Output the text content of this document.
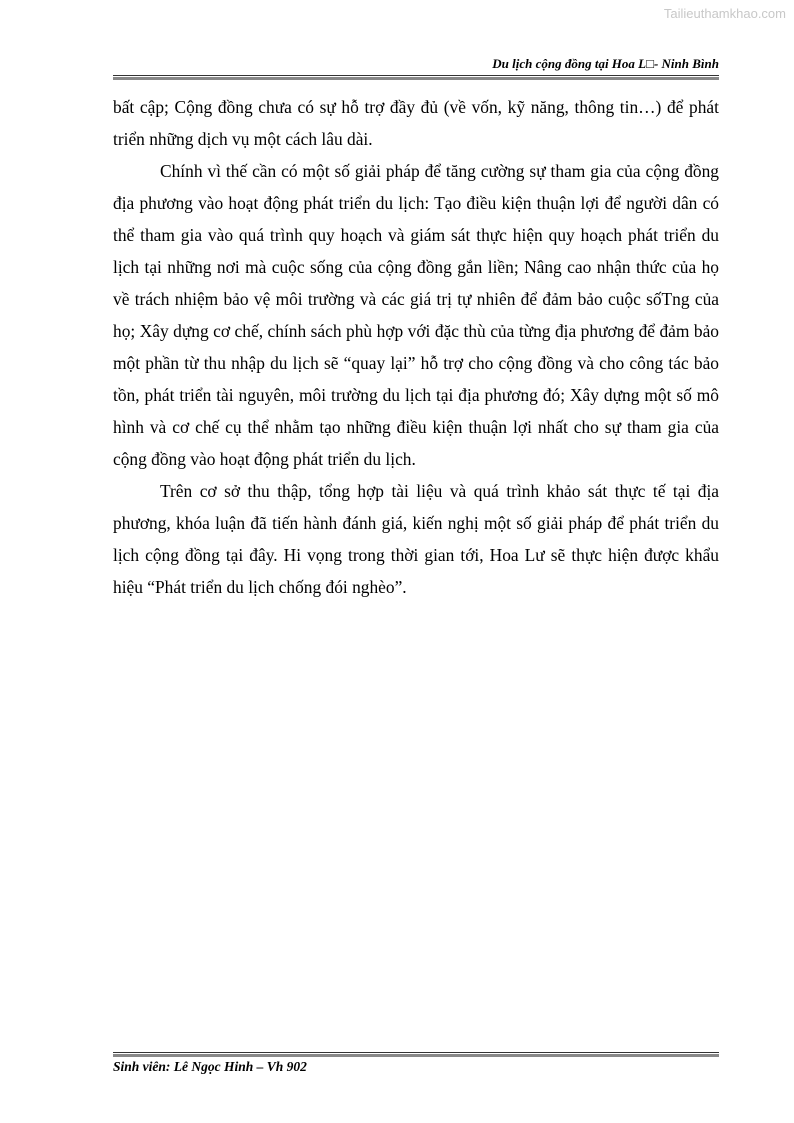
Tailieuthamkhao.com
Du lịch cộng đồng tại Hoa L□- Ninh Bình

bất cập; Cộng đồng chưa có sự hỗ trợ đầy đủ (về vốn, kỹ năng, thông tin…) để phát triển những dịch vụ một cách lâu dài.

Chính vì thế cần có một số giải pháp để tăng cường sự tham gia của cộng đồng địa phương vào hoạt động phát triển du lịch: Tạo điều kiện thuận lợi để người dân có thể tham gia vào quá trình quy hoạch và giám sát thực hiện quy hoạch phát triển du lịch tại những nơi mà cuộc sống của cộng đồng gắn liền; Nâng cao nhận thức của họ về trách nhiệm bảo vệ môi trường và các giá trị tự nhiên để đảm bảo cuộc sốTng của họ; Xây dựng cơ chế, chính sách phù hợp với đặc thù của từng địa phương để đảm bảo một phần từ thu nhập du lịch sẽ “quay lại” hỗ trợ cho cộng đồng và cho công tác bảo tồn, phát triển tài nguyên, môi trường du lịch tại địa phương đó; Xây dựng một số mô hình và cơ chế cụ thể nhằm tạo những điều kiện thuận lợi nhất cho sự tham gia của cộng đồng vào hoạt động phát triển du lịch.

Trên cơ sở thu thập, tổng hợp tài liệu và quá trình khảo sát thực tế tại địa phương, khóa luận đã tiến hành đánh giá, kiến nghị một số giải pháp để phát triển du lịch cộng đồng tại đây. Hi vọng trong thời gian tới, Hoa Lư sẽ thực hiện được khẩu hiệu “Phát triển du lịch chống đói nghèo”.

Sinh viên: Lê Ngọc Hinh – Vh 902
